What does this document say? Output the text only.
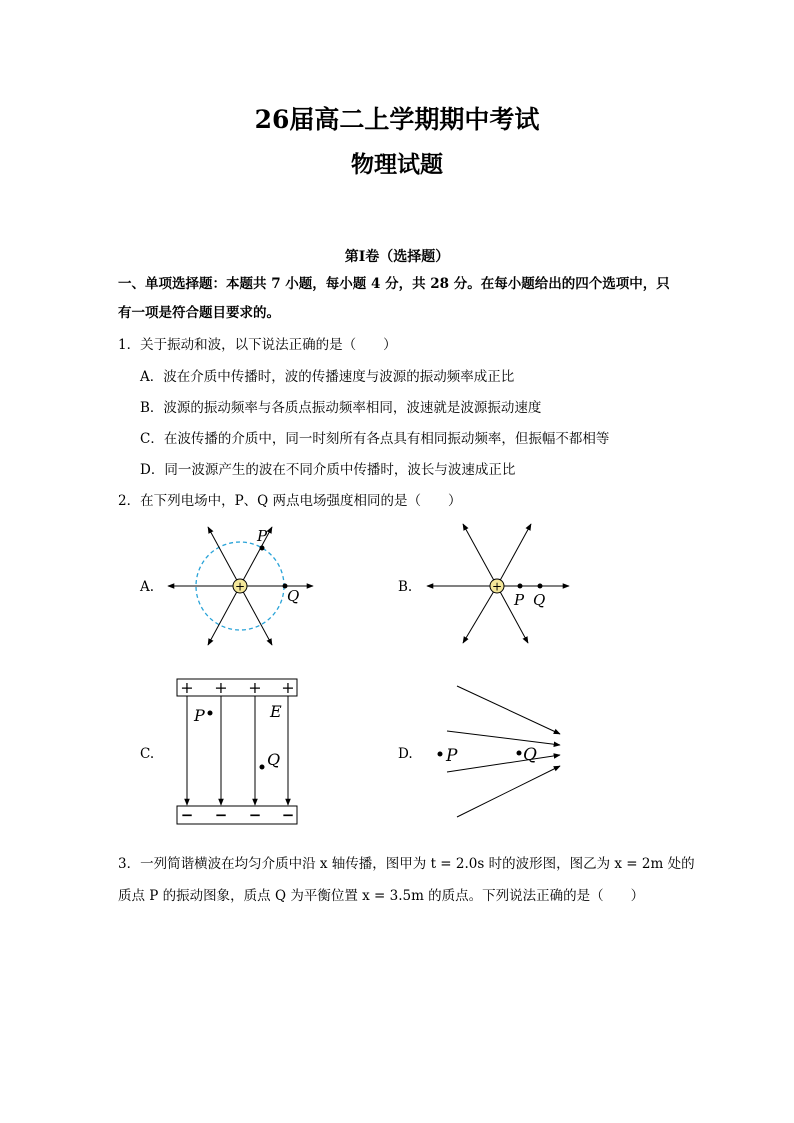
26届高二上学期期中考试
物理试题
第Ⅰ卷（选择题）
一、单项选择题：本题共 7 小题，每小题 4 分，共 28 分。在每小题给出的四个选项中，只
有一项是符合题目要求的。
1．关于振动和波，以下说法正确的是（　　）
A．波在介质中传播时，波的传播速度与波源的振动频率成正比
B．波源的振动频率与各质点振动频率相同，波速就是波源振动速度
C．在波传播的介质中，同一时刻所有各点具有相同振动频率，但振幅不都相等
D．同一波源产生的波在不同介质中传播时，波长与波速成正比
2．在下列电场中，P、Q 两点电场强度相同的是（　　）
A.	B.
C.	D.
+
P
Q
+
P Q
+ + + +
− − − −
P	E
Q	P	Q
3．一列简谐横波在均匀介质中沿 x 轴传播，图甲为 t = 2.0s 时的波形图，图乙为 x = 2m 处的
质点 P 的振动图象，质点 Q 为平衡位置 x = 3.5m 的质点。下列说法正确的是（　　）
